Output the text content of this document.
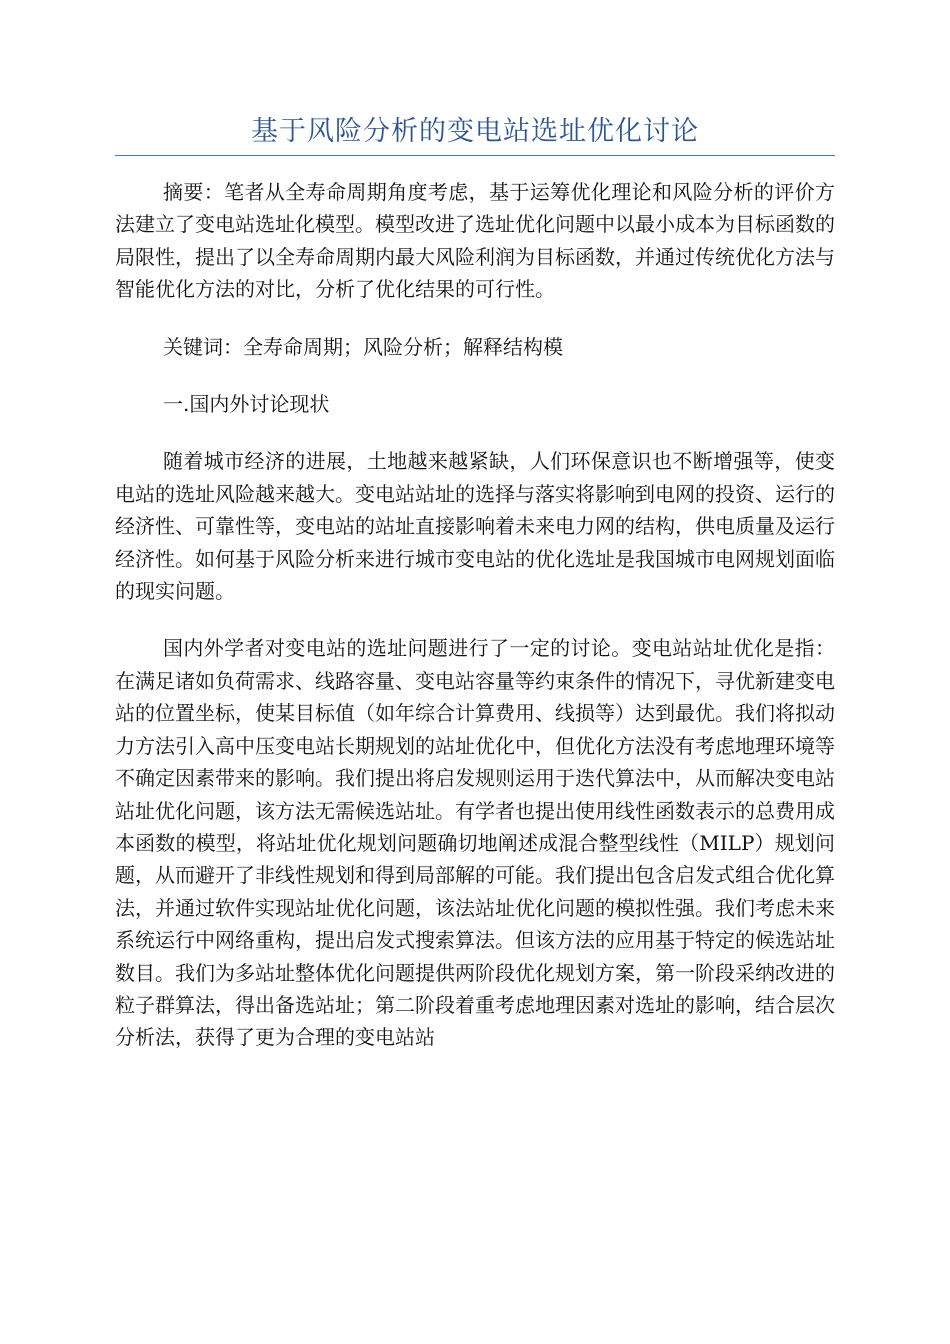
基于风险分析的变电站选址优化讨论

摘要：笔者从全寿命周期角度考虑，基于运筹优化理论和风险分析的评价方法建立了变电站选址化模型。模型改进了选址优化问题中以最小成本为目标函数的局限性，提出了以全寿命周期内最大风险利润为目标函数，并通过传统优化方法与智能优化方法的对比，分析了优化结果的可行性。

关键词：全寿命周期；风险分析；解释结构模

一.国内外讨论现状

随着城市经济的进展，土地越来越紧缺，人们环保意识也不断增强等，使变电站的选址风险越来越大。变电站站址的选择与落实将影响到电网的投资、运行的经济性、可靠性等，变电站的站址直接影响着未来电力网的结构，供电质量及运行经济性。如何基于风险分析来进行城市变电站的优化选址是我国城市电网规划面临的现实问题。

国内外学者对变电站的选址问题进行了一定的讨论。变电站站址优化是指：在满足诸如负荷需求、线路容量、变电站容量等约束条件的情况下，寻优新建变电站的位置坐标，使某目标值（如年综合计算费用、线损等）达到最优。我们将拟动力方法引入高中压变电站长期规划的站址优化中，但优化方法没有考虑地理环境等不确定因素带来的影响。我们提出将启发规则运用于迭代算法中，从而解决变电站站址优化问题，该方法无需候选站址。有学者也提出使用线性函数表示的总费用成本函数的模型，将站址优化规划问题确切地阐述成混合整型线性（MILP）规划问题，从而避开了非线性规划和得到局部解的可能。我们提出包含启发式组合优化算法，并通过软件实现站址优化问题，该法站址优化问题的模拟性强。我们考虑未来系统运行中网络重构，提出启发式搜索算法。但该方法的应用基于特定的候选站址数目。我们为多站址整体优化问题提供两阶段优化规划方案，第一阶段采纳改进的粒子群算法，得出备选站址；第二阶段着重考虑地理因素对选址的影响，结合层次分析法，获得了更为合理的变电站站
